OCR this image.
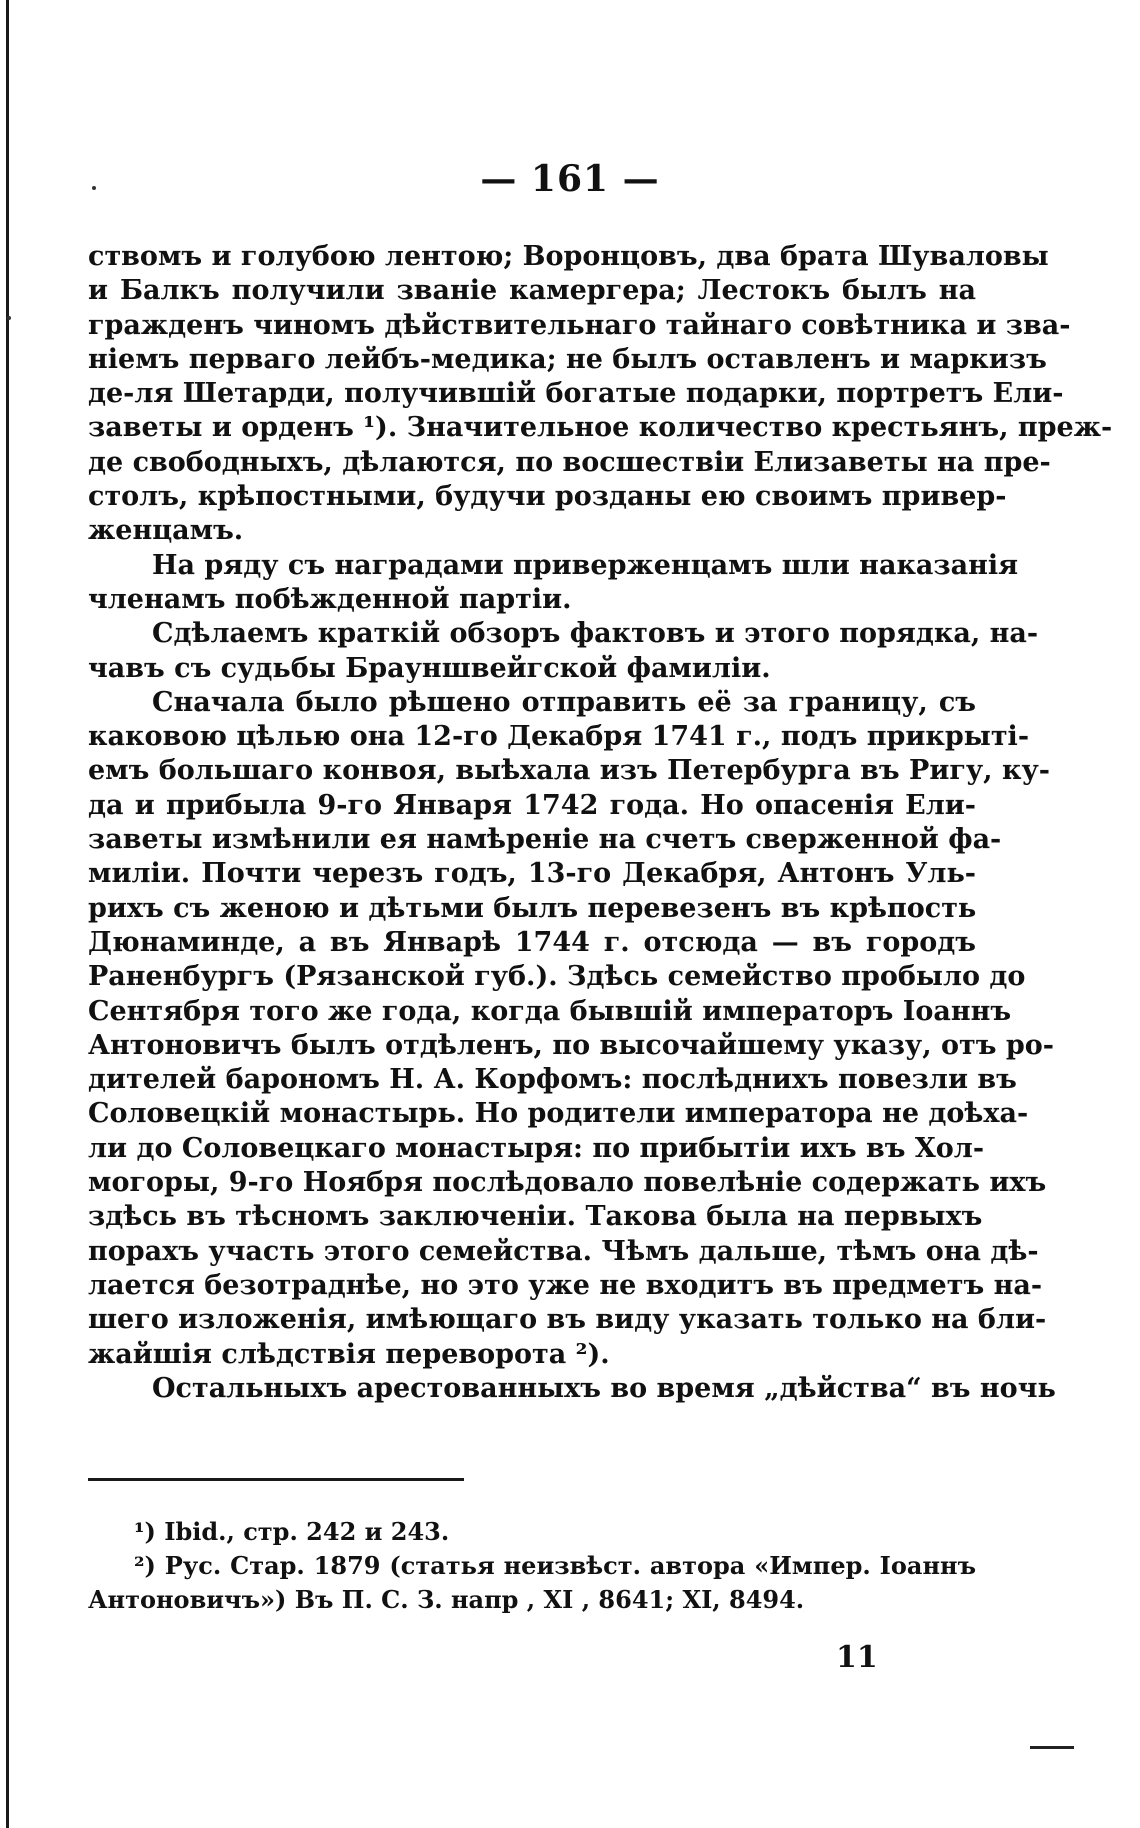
— 161 —
ствомъ и голубою лентою; Воронцовъ, два брата Шуваловы
и Балкъ получили званіе камергера; Лестокъ былъ на
гражденъ чиномъ дѣйствительнаго тайнаго совѣтника и зва-
ніемъ перваго лейбъ-медика; не былъ оставленъ и маркизъ
де-ля Шетарди, получившій богатые подарки, портретъ Ели-
заветы и орденъ ¹). Значительное количество крестьянъ, преж-
де свободныхъ, дѣлаются, по восшествіи Елизаветы на пре-
столъ, крѣпостными, будучи розданы ею своимъ привер-
женцамъ.
На ряду съ наградами приверженцамъ шли наказанія
членамъ побѣжденной партіи.
Сдѣлаемъ краткій обзоръ фактовъ и этого порядка, на-
чавъ съ судьбы Брауншвейгской фамиліи.
Сначала было рѣшено отправить её за границу, съ
каковою цѣлью она 12-го Декабря 1741 г., подъ прикрыті-
емъ большаго конвоя, выѣхала изъ Петербурга въ Ригу, ку-
да и прибыла 9-го Января 1742 года. Но опасенія Ели-
заветы измѣнили ея намѣреніе на счетъ сверженной фа-
миліи. Почти черезъ годъ, 13-го Декабря, Антонъ Уль-
рихъ съ женою и дѣтьми былъ перевезенъ въ крѣпость
Дюнаминде, а въ Январѣ 1744 г. отсюда — въ городъ
Раненбургъ (Рязанской губ.). Здѣсь семейство пробыло до
Сентября того же года, когда бывшій императоръ Іоаннъ
Антоновичъ былъ отдѣленъ, по высочайшему указу, отъ ро-
дителей барономъ Н. А. Корфомъ: послѣднихъ повезли въ
Соловецкій монастырь. Но родители императора не доѣха-
ли до Соловецкаго монастыря: по прибытіи ихъ въ Хол-
могоры, 9-го Ноября послѣдовало повелѣніе содержать ихъ
здѣсь въ тѣсномъ заключеніи. Такова была на первыхъ
порахъ участь этого семейства. Чѣмъ дальше, тѣмъ она дѣ-
лается безотраднѣе, но это уже не входитъ въ предметъ на-
шего изложенія, имѣющаго въ виду указать только на бли-
жайшія слѣдствія переворота ²).
Остальныхъ арестованныхъ во время „дѣйства“ въ ночь
¹) Ibid., стр. 242 и 243.
²) Рус. Стар. 1879 (статья неизвѣст. автора «Импер. Іоаннъ
Антоновичъ») Въ П. С. З. напр , XI , 8641; XI, 8494.
11
